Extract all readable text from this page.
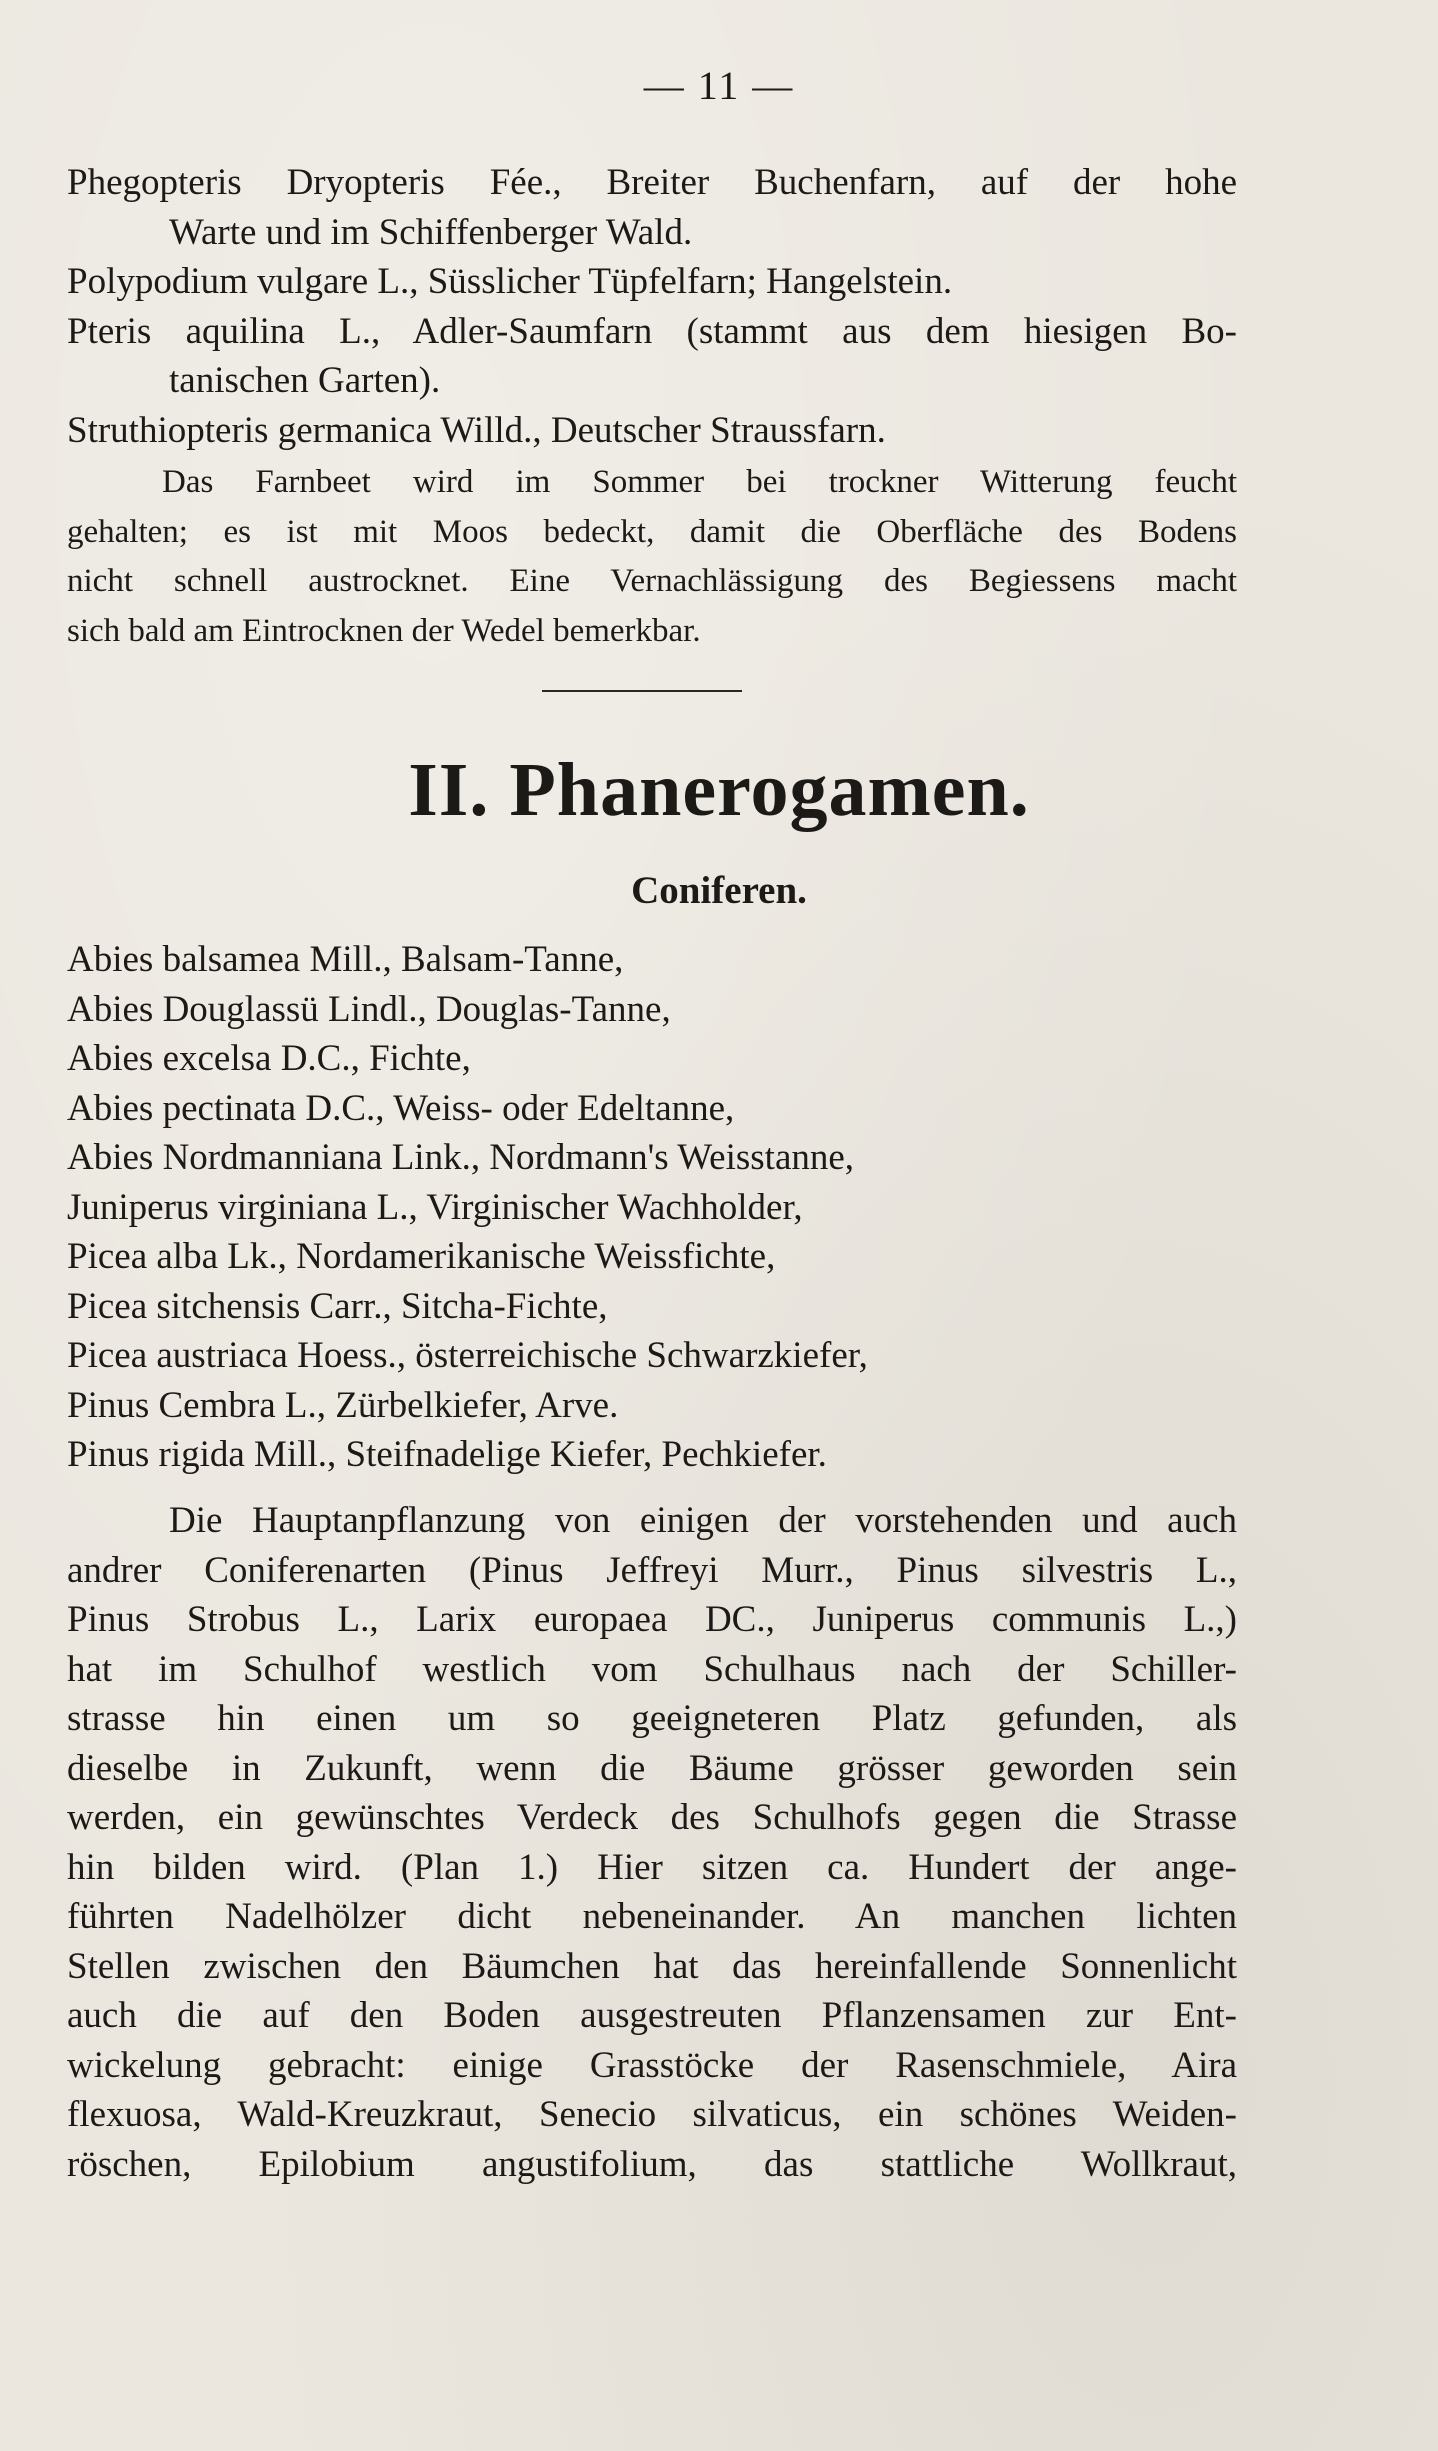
— 11 —
Phegopteris Dryopteris Fée., Breiter Buchenfarn, auf der hohe
Warte und im Schiffenberger Wald.
Polypodium vulgare L., Süsslicher Tüpfelfarn; Hangelstein.
Pteris aquilina L., Adler-Saumfarn (stammt aus dem hiesigen Bo-
tanischen Garten).
Struthiopteris germanica Willd., Deutscher Straussfarn.
Das Farnbeet wird im Sommer bei trockner Witterung feucht
gehalten; es ist mit Moos bedeckt, damit die Oberfläche des Bodens
nicht schnell austrocknet. Eine Vernachlässigung des Begiessens macht
sich bald am Eintrocknen der Wedel bemerkbar.
II. Phanerogamen.
Coniferen.
Abies balsamea Mill., Balsam-Tanne,
Abies Douglassü Lindl., Douglas-Tanne,
Abies excelsa D.C., Fichte,
Abies pectinata D.C., Weiss- oder Edeltanne,
Abies Nordmanniana Link., Nordmann's Weisstanne,
Juniperus virginiana L., Virginischer Wachholder,
Picea alba Lk., Nordamerikanische Weissfichte,
Picea sitchensis Carr., Sitcha-Fichte,
Picea austriaca Hoess., österreichische Schwarzkiefer,
Pinus Cembra L., Zürbelkiefer, Arve.
Pinus rigida Mill., Steifnadelige Kiefer, Pechkiefer.
Die Hauptanpflanzung von einigen der vorstehenden und auch
andrer Coniferenarten (Pinus Jeffreyi Murr., Pinus silvestris L.,
Pinus Strobus L., Larix europaea DC., Juniperus communis L.,)
hat im Schulhof westlich vom Schulhaus nach der Schiller-
strasse hin einen um so geeigneteren Platz gefunden, als
dieselbe in Zukunft, wenn die Bäume grösser geworden sein
werden, ein gewünschtes Verdeck des Schulhofs gegen die Strasse
hin bilden wird. (Plan 1.) Hier sitzen ca. Hundert der ange-
führten Nadelhölzer dicht nebeneinander. An manchen lichten
Stellen zwischen den Bäumchen hat das hereinfallende Sonnenlicht
auch die auf den Boden ausgestreuten Pflanzensamen zur Ent-
wickelung gebracht: einige Grasstöcke der Rasenschmiele, Aira
flexuosa, Wald-Kreuzkraut, Senecio silvaticus, ein schönes Weiden-
röschen, Epilobium angustifolium, das stattliche Wollkraut,
